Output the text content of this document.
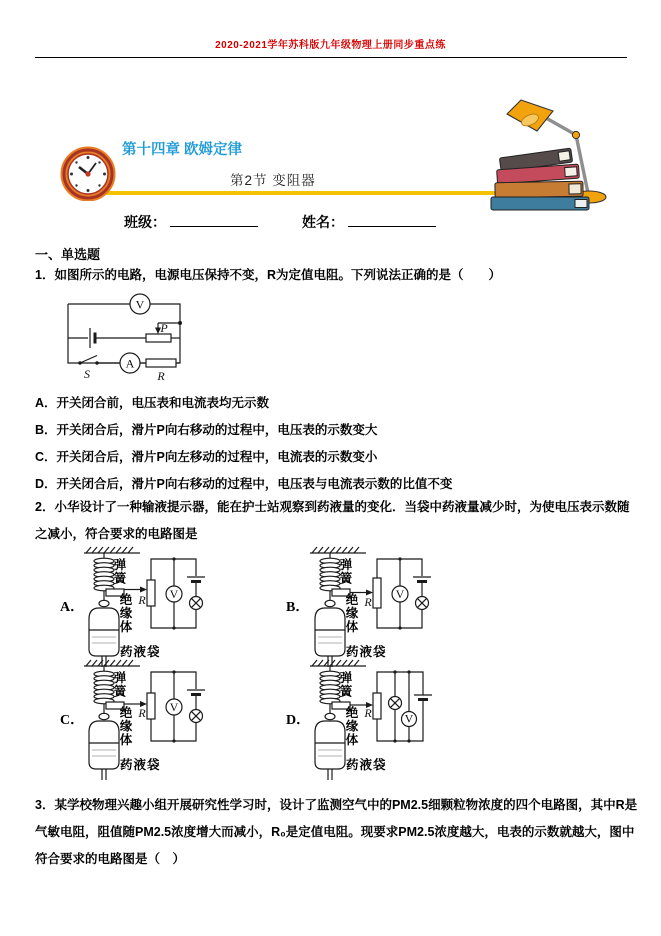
2020-2021学年苏科版九年级物理上册同步重点练
第十四章 欧姆定律
第2节 变阻器
班级：	姓名：
一、单选题
1．如图所示的电路，电源电压保持不变，R为定值电阻。下列说法正确的是（　　）
V
A
P
S	R
A．开关闭合前，电压表和电流表均无示数
B．开关闭合后，滑片P向右移动的过程中，电压表的示数变大
C．开关闭合后，滑片P向左移动的过程中，电流表的示数变小
D．开关闭合后，滑片P向右移动的过程中，电压表与电流表示数的比值不变
2．小华设计了一种输液提示器，能在护士站观察到药液量的变化．当袋中药液量减少时，为使电压表示数随之减小，符合要求的电路图是
A．	R V
弹簧
绝缘体
药液袋
B．	R
V
弹簧
绝缘体
药液袋
C．	R V
弹簧
绝缘体
药液袋
D．	R	V
弹簧
绝缘体
药液袋
3．某学校物理兴趣小组开展研究性学习时，设计了监测空气中的PM2.5细颗粒物浓度的四个电路图，其中R是气敏电阻，阻值随PM2.5浓度增大而减小，R₀是定值电阻。现要求PM2.5浓度越大，电表的示数就越大，图中符合要求的电路图是（　）
